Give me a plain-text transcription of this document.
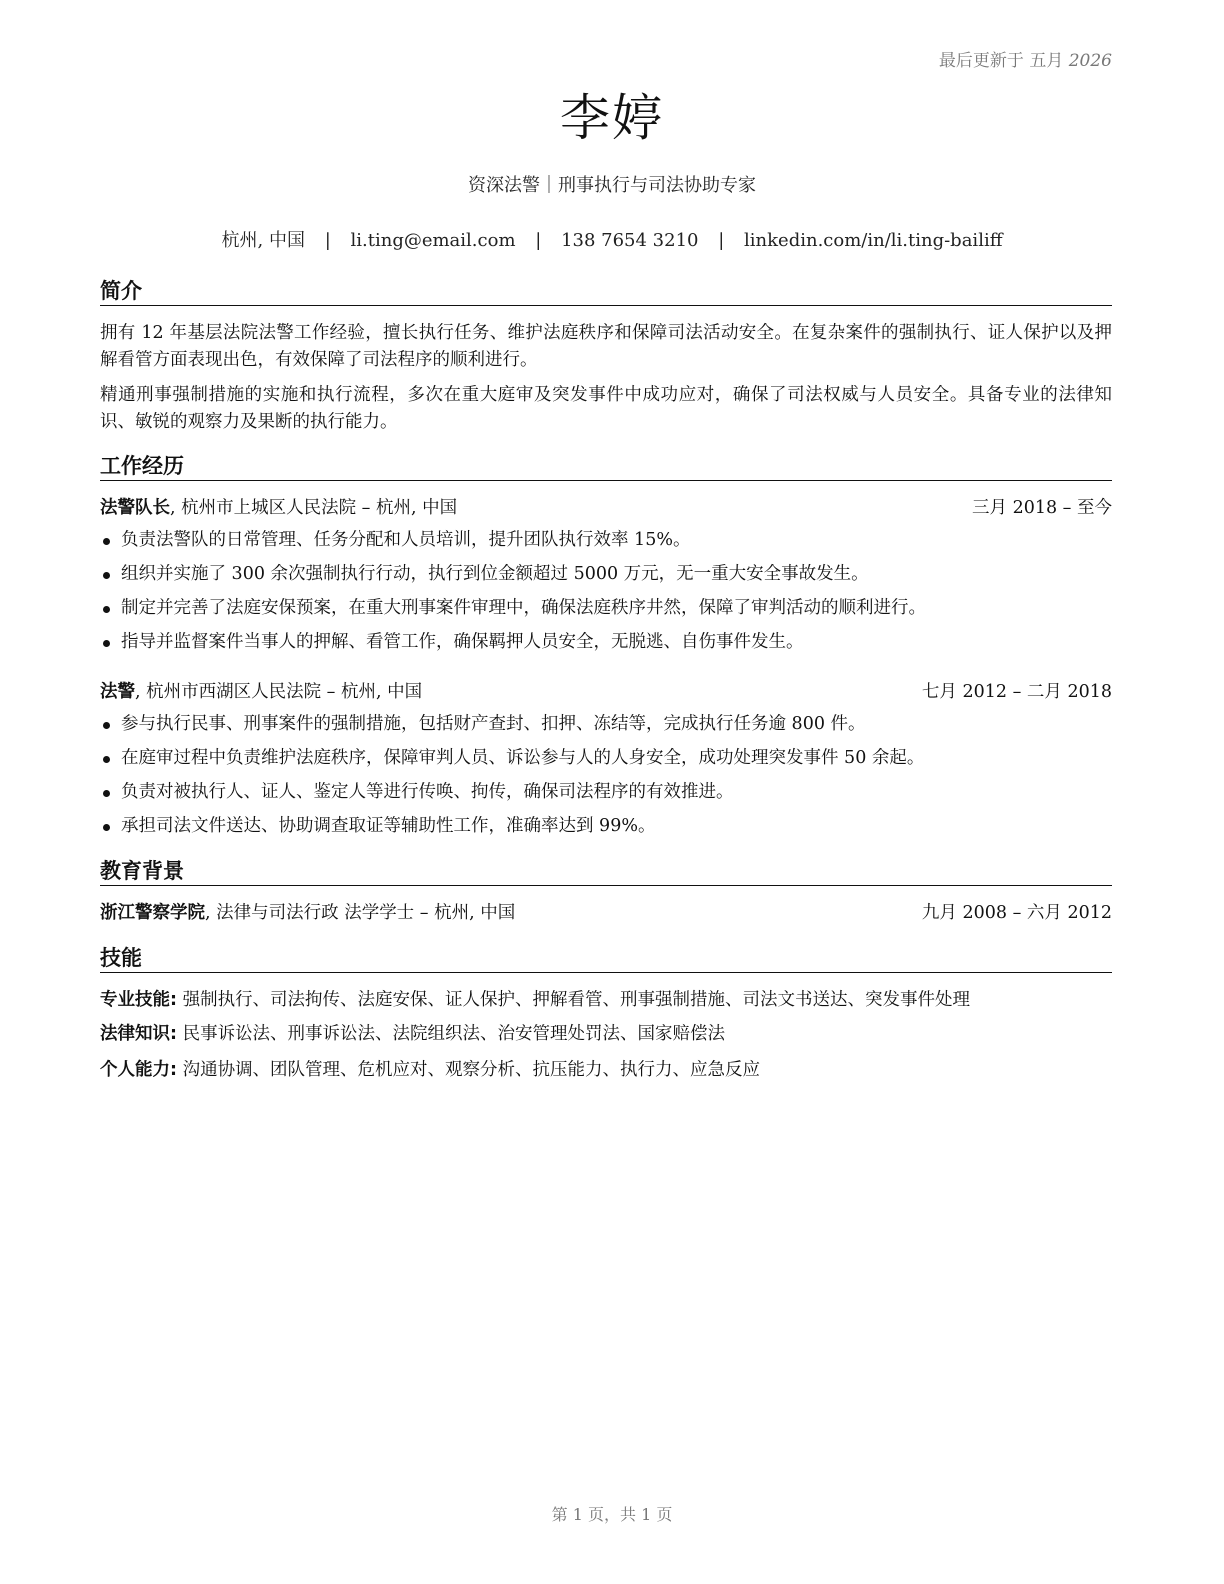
最后更新于 五月 2026
李婷
资深法警｜刑事执行与司法协助专家
杭州, 中国 | li.ting@email.com | 138 7654 3210 | linkedin.com/in/li.ting-bailiff
简介
拥有 12 年基层法院法警工作经验，擅长执行任务、维护法庭秩序和保障司法活动安全。在复杂案件的强制执行、证人保护以及押解看管方面表现出色，有效保障了司法程序的顺利进行。
精通刑事强制措施的实施和执行流程，多次在重大庭审及突发事件中成功应对，确保了司法权威与人员安全。具备专业的法律知识、敏锐的观察力及果断的执行能力。
工作经历
法警队长, 杭州市上城区人民法院 – 杭州, 中国	三月 2018 – 至今
负责法警队的日常管理、任务分配和人员培训，提升团队执行效率 15%。
组织并实施了 300 余次强制执行行动，执行到位金额超过 5000 万元，无一重大安全事故发生。
制定并完善了法庭安保预案，在重大刑事案件审理中，确保法庭秩序井然，保障了审判活动的顺利进行。
指导并监督案件当事人的押解、看管工作，确保羁押人员安全，无脱逃、自伤事件发生。
法警, 杭州市西湖区人民法院 – 杭州, 中国	七月 2012 – 二月 2018
参与执行民事、刑事案件的强制措施，包括财产查封、扣押、冻结等，完成执行任务逾 800 件。
在庭审过程中负责维护法庭秩序，保障审判人员、诉讼参与人的人身安全，成功处理突发事件 50 余起。
负责对被执行人、证人、鉴定人等进行传唤、拘传，确保司法程序的有效推进。
承担司法文件送达、协助调查取证等辅助性工作，准确率达到 99%。
教育背景
浙江警察学院, 法律与司法行政 法学学士 – 杭州, 中国	九月 2008 – 六月 2012
技能
专业技能: 强制执行、司法拘传、法庭安保、证人保护、押解看管、刑事强制措施、司法文书送达、突发事件处理
法律知识: 民事诉讼法、刑事诉讼法、法院组织法、治安管理处罚法、国家赔偿法
个人能力: 沟通协调、团队管理、危机应对、观察分析、抗压能力、执行力、应急反应
第 1 页，共 1 页
